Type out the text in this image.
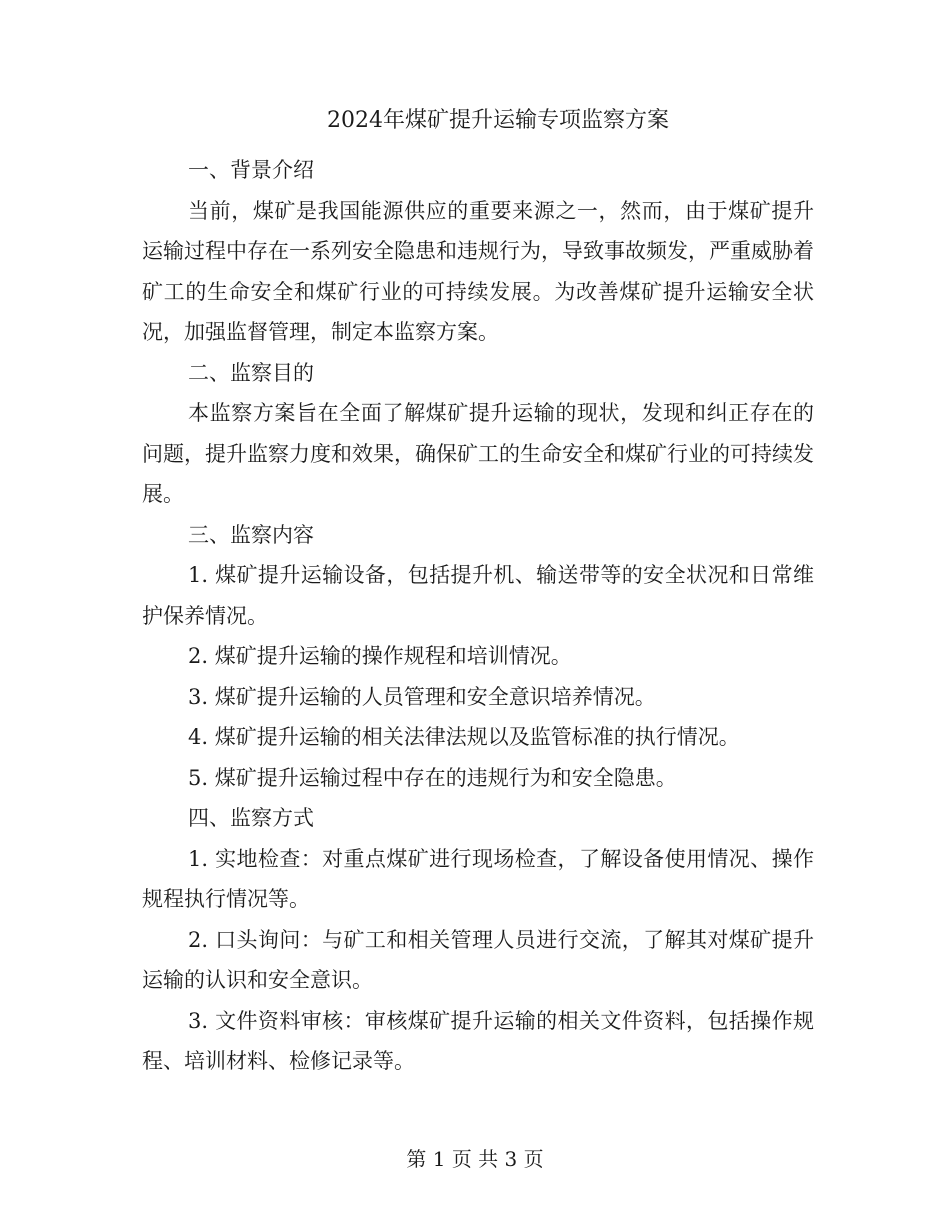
2024年煤矿提升运输专项监察方案

一、背景介绍

当前，煤矿是我国能源供应的重要来源之一，然而，由于煤矿提升运输过程中存在一系列安全隐患和违规行为，导致事故频发，严重威胁着矿工的生命安全和煤矿行业的可持续发展。为改善煤矿提升运输安全状况，加强监督管理，制定本监察方案。

二、监察目的

本监察方案旨在全面了解煤矿提升运输的现状，发现和纠正存在的问题，提升监察力度和效果，确保矿工的生命安全和煤矿行业的可持续发展。

三、监察内容

1. 煤矿提升运输设备，包括提升机、输送带等的安全状况和日常维护保养情况。

2. 煤矿提升运输的操作规程和培训情况。

3. 煤矿提升运输的人员管理和安全意识培养情况。

4. 煤矿提升运输的相关法律法规以及监管标准的执行情况。

5. 煤矿提升运输过程中存在的违规行为和安全隐患。

四、监察方式

1. 实地检查：对重点煤矿进行现场检查，了解设备使用情况、操作规程执行情况等。

2. 口头询问：与矿工和相关管理人员进行交流，了解其对煤矿提升运输的认识和安全意识。

3. 文件资料审核：审核煤矿提升运输的相关文件资料，包括操作规程、培训材料、检修记录等。

第 1 页 共 3 页
